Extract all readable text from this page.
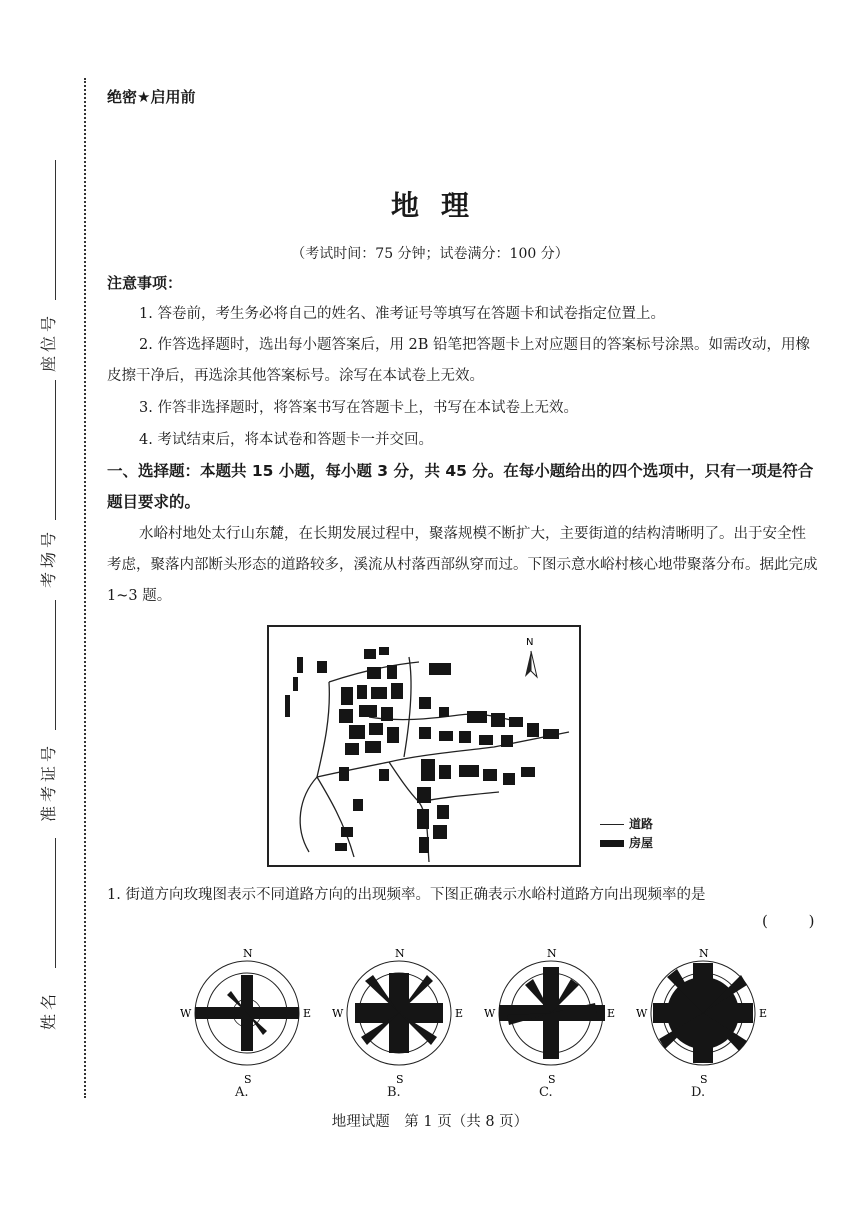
座位号
考场号
准考证号
姓名
绝密★启用前
地理
（考试时间：75 分钟；试卷满分：100 分）
注意事项：
1. 答卷前，考生务必将自己的姓名、准考证号等填写在答题卡和试卷指定位置上。
2. 作答选择题时，选出每小题答案后，用 2B 铅笔把答题卡上对应题目的答案标号涂黑。如需改动，用橡皮擦干净后，再选涂其他答案标号。涂写在本试卷上无效。
3. 作答非选择题时，将答案书写在答题卡上，书写在本试卷上无效。
4. 考试结束后，将本试卷和答题卡一并交回。
一、选择题：本题共 15 小题，每小题 3 分，共 45 分。在每小题给出的四个选项中，只有一项是符合题目要求的。
水峪村地处太行山东麓，在长期发展过程中，聚落规模不断扩大，主要街道的结构清晰明了。出于安全性考虑，聚落内部断头形态的道路较多，溪流从村落西部纵穿而过。下图示意水峪村核心地带聚落分布。据此完成 1~3 题。
N
道路
房屋
1. 街道方向玫瑰图表示不同道路方向的出现频率。下图正确表示水峪村道路方向出现频率的是
( )
N
S
W	E
A.
N
S
W	E
B.
N
S
W	E
C.
N
S
W	E
D.
地理试题　第 1 页（共 8 页）
